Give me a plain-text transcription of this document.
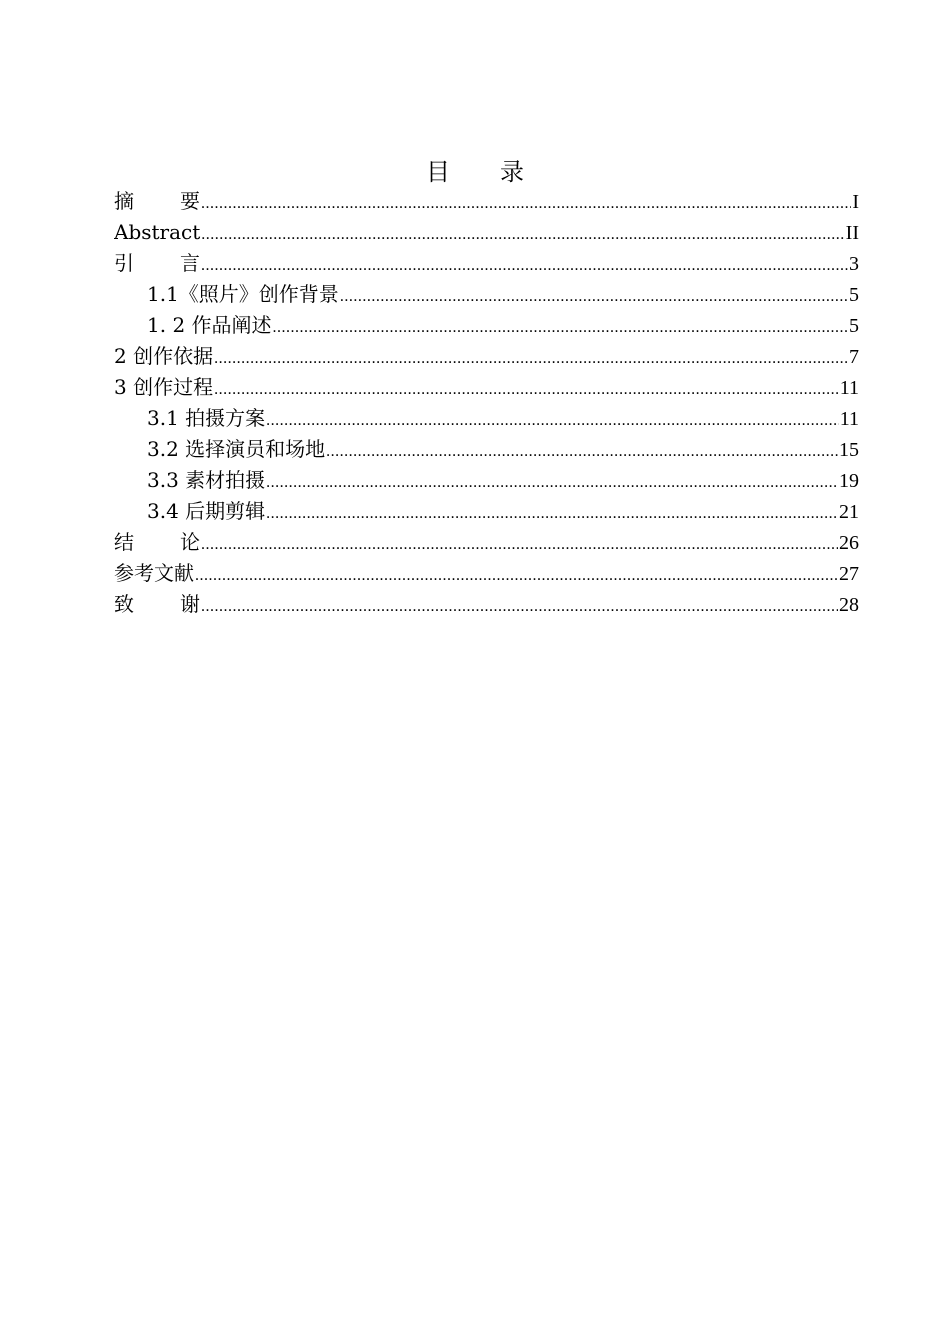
目 录
摘 要 .....	I
Abstract .....	II
引 言 .....	3
1.1《照片》创作背景 .....	5
1. 2 作品阐述 .....	5
2 创作依据 .....	7
3 创作过程 .....	11
3.1 拍摄方案 .....	11
3.2 选择演员和场地 .....	15
3.3 素材拍摄 .....	19
3.4 后期剪辑 .....	21
结 论 .....	26
参考文献 .....	27
致 谢 .....	28
